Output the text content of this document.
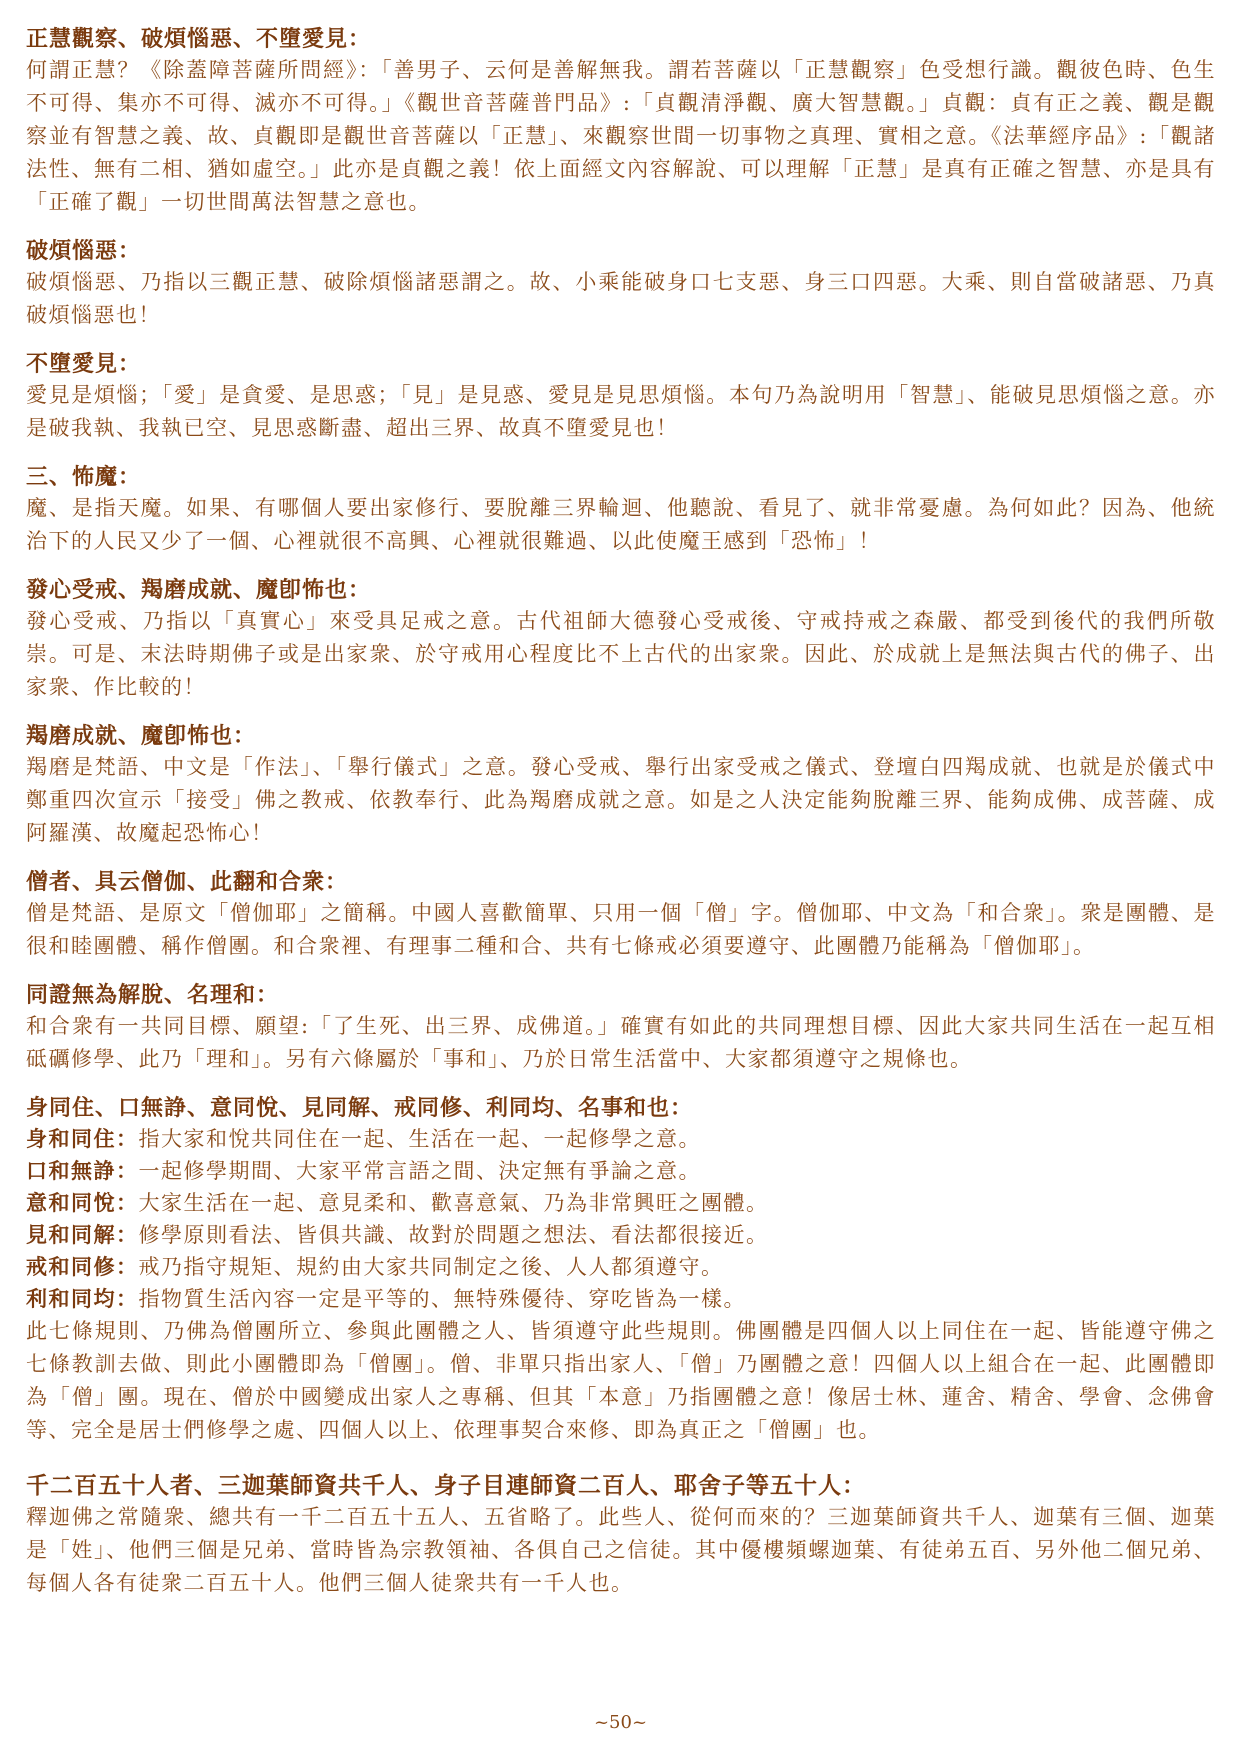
正慧觀察、破煩惱惡、不墮愛見：
何謂正慧？《除蓋障菩薩所問經》：「善男子、云何是善解無我。謂若菩薩以「正慧觀察」色受想行識。觀彼色時、色生不可得、集亦不可得、滅亦不可得。」《觀世音菩薩普門品》:「貞觀清淨觀、廣大智慧觀。」貞觀：貞有正之義、觀是觀察並有智慧之義、故、貞觀即是觀世音菩薩以「正慧」、來觀察世間一切事物之真理、實相之意。《法華經序品》:「觀諸法性、無有二相、猶如虛空。」此亦是貞觀之義！依上面經文內容解說、可以理解「正慧」是真有正確之智慧、亦是具有「正確了觀」一切世間萬法智慧之意也。
破煩惱惡：
破煩惱惡、乃指以三觀正慧、破除煩惱諸惡謂之。故、小乘能破身口七支惡、身三口四惡。大乘、則自當破諸惡、乃真破煩惱惡也！
不墮愛見：
愛見是煩惱；「愛」是貪愛、是思惑；「見」是見惑、愛見是見思煩惱。本句乃為說明用「智慧」、能破見思煩惱之意。亦是破我執、我執已空、見思惑斷盡、超出三界、故真不墮愛見也！
三、怖魔：
魔、是指天魔。如果、有哪個人要出家修行、要脫離三界輪迴、他聽說、看見了、就非常憂慮。為何如此？因為、他統治下的人民又少了一個、心裡就很不高興、心裡就很難過、以此使魔王感到「恐怖」！
發心受戒、羯磨成就、魔卽怖也：
發心受戒、乃指以「真實心」來受具足戒之意。古代祖師大德發心受戒後、守戒持戒之森嚴、都受到後代的我們所敬崇。可是、末法時期佛子或是出家衆、於守戒用心程度比不上古代的出家衆。因此、於成就上是無法與古代的佛子、出家衆、作比較的！
羯磨成就、魔卽怖也：
羯磨是梵語、中文是「作法」、「舉行儀式」之意。發心受戒、舉行出家受戒之儀式、登壇白四羯成就、也就是於儀式中鄭重四次宣示「接受」佛之教戒、依教奉行、此為羯磨成就之意。如是之人決定能夠脫離三界、能夠成佛、成菩薩、成阿羅漢、故魔起恐怖心！
僧者、具云僧伽、此翻和合衆：
僧是梵語、是原文「僧伽耶」之簡稱。中國人喜歡簡單、只用一個「僧」字。僧伽耶、中文為「和合衆」。衆是團體、是很和睦團體、稱作僧團。和合衆裡、有理事二種和合、共有七條戒必須要遵守、此團體乃能稱為「僧伽耶」。
同證無為解脫、名理和：
和合衆有一共同目標、願望:「了生死、出三界、成佛道。」確實有如此的共同理想目標、因此大家共同生活在一起互相砥礪修學、此乃「理和」。另有六條屬於「事和」、乃於日常生活當中、大家都須遵守之規條也。
身同住、口無諍、意同悅、見同解、戒同修、利同均、名事和也：
身和同住：指大家和悅共同住在一起、生活在一起、一起修學之意。
口和無諍：一起修學期間、大家平常言語之間、決定無有爭論之意。
意和同悅：大家生活在一起、意見柔和、歡喜意氣、乃為非常興旺之團體。
見和同解：修學原則看法、皆俱共識、故對於問題之想法、看法都很接近。
戒和同修：戒乃指守規矩、規約由大家共同制定之後、人人都須遵守。
利和同均：指物質生活內容一定是平等的、無特殊優待、穿吃皆為一樣。
此七條規則、乃佛為僧團所立、參與此團體之人、皆須遵守此些規則。佛團體是四個人以上同住在一起、皆能遵守佛之七條教訓去做、則此小團體即為「僧團」。僧、非單只指出家人、「僧」乃團體之意！四個人以上組合在一起、此團體即為「僧」團。現在、僧於中國變成出家人之專稱、但其「本意」乃指團體之意！像居士林、蓮舍、精舍、學會、念佛會等、完全是居士們修學之處、四個人以上、依理事契合來修、即為真正之「僧團」也。
千二百五十人者、三迦葉師資共千人、身子目連師資二百人、耶舍子等五十人：
釋迦佛之常隨衆、總共有一千二百五十五人、五省略了。此些人、從何而來的？三迦葉師資共千人、迦葉有三個、迦葉是「姓」、他們三個是兄弟、當時皆為宗教領袖、各俱自己之信徒。其中優樓頻螺迦葉、有徒弟五百、另外他二個兄弟、每個人各有徒衆二百五十人。他們三個人徒衆共有一千人也。
~50~
